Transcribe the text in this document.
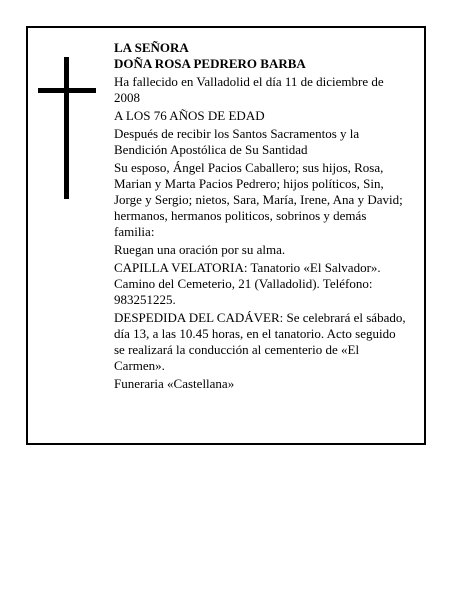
LA SEÑORA

DOÑA ROSA PEDRERO BARBA

Ha fallecido en Valladolid el día 11 de diciembre de 2008

A LOS 76 AÑOS DE EDAD

Después de recibir los Santos Sacramentos y la Bendición Apostólica de Su Santidad

Su esposo, Ángel Pacios Caballero; sus hijos, Rosa, Marian y Marta Pacios Pedrero; hijos políticos, Sin, Jorge y Sergio; nietos, Sara, María, Irene, Ana y David; hermanos, hermanos politicos, sobrinos y demás familia:

Ruegan una oración por su alma.

CAPILLA VELATORIA: Tanatorio «El Salvador». Camino del Cemeterio, 21 (Valladolid). Teléfono: 983251225.

DESPEDIDA DEL CADÁVER: Se celebrará el sábado, día 13, a las 10.45 horas, en el tanatorio. Acto seguido se realizará la conducción al cementerio de «El Carmen».

Funeraria «Castellana»
